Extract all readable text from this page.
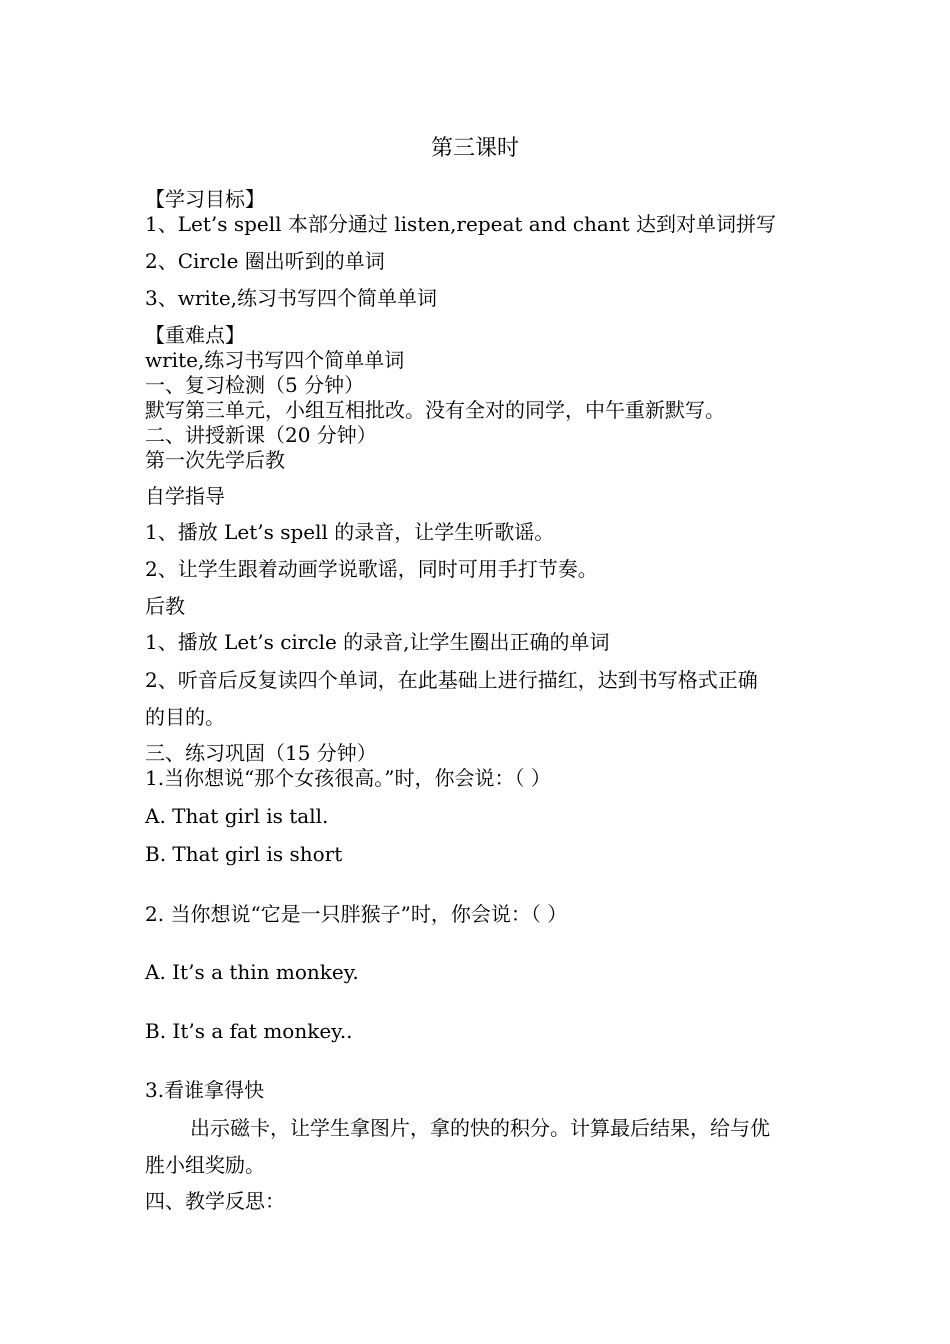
第三课时
【学习目标】
1、Let’s spell 本部分通过 listen,repeat and chant 达到对单词拼写
2、Circle 圈出听到的单词
3、write,练习书写四个简单单词
【重难点】
write,练习书写四个简单单词
一、复习检测（5 分钟）
默写第三单元，小组互相批改。没有全对的同学，中午重新默写。
二、讲授新课（20 分钟）
第一次先学后教
自学指导
1、播放 Let’s spell 的录音，让学生听歌谣。
2、让学生跟着动画学说歌谣，同时可用手打节奏。
后教
1、播放 Let’s circle 的录音,让学生圈出正确的单词
2、听音后反复读四个单词，在此基础上进行描红，达到书写格式正确
的目的。
三、练习巩固（15 分钟）
1.当你想说“那个女孩很高。”时，你会说：（ ）
A. That girl is tall.
B. That girl is short
2. 当你想说“它是一只胖猴子”时，你会说：（ ）
A. It’s a thin monkey.
B. It’s a fat monkey..
3.看谁拿得快
出示磁卡，让学生拿图片，拿的快的积分。计算最后结果，给与优
胜小组奖励。
四、教学反思：
